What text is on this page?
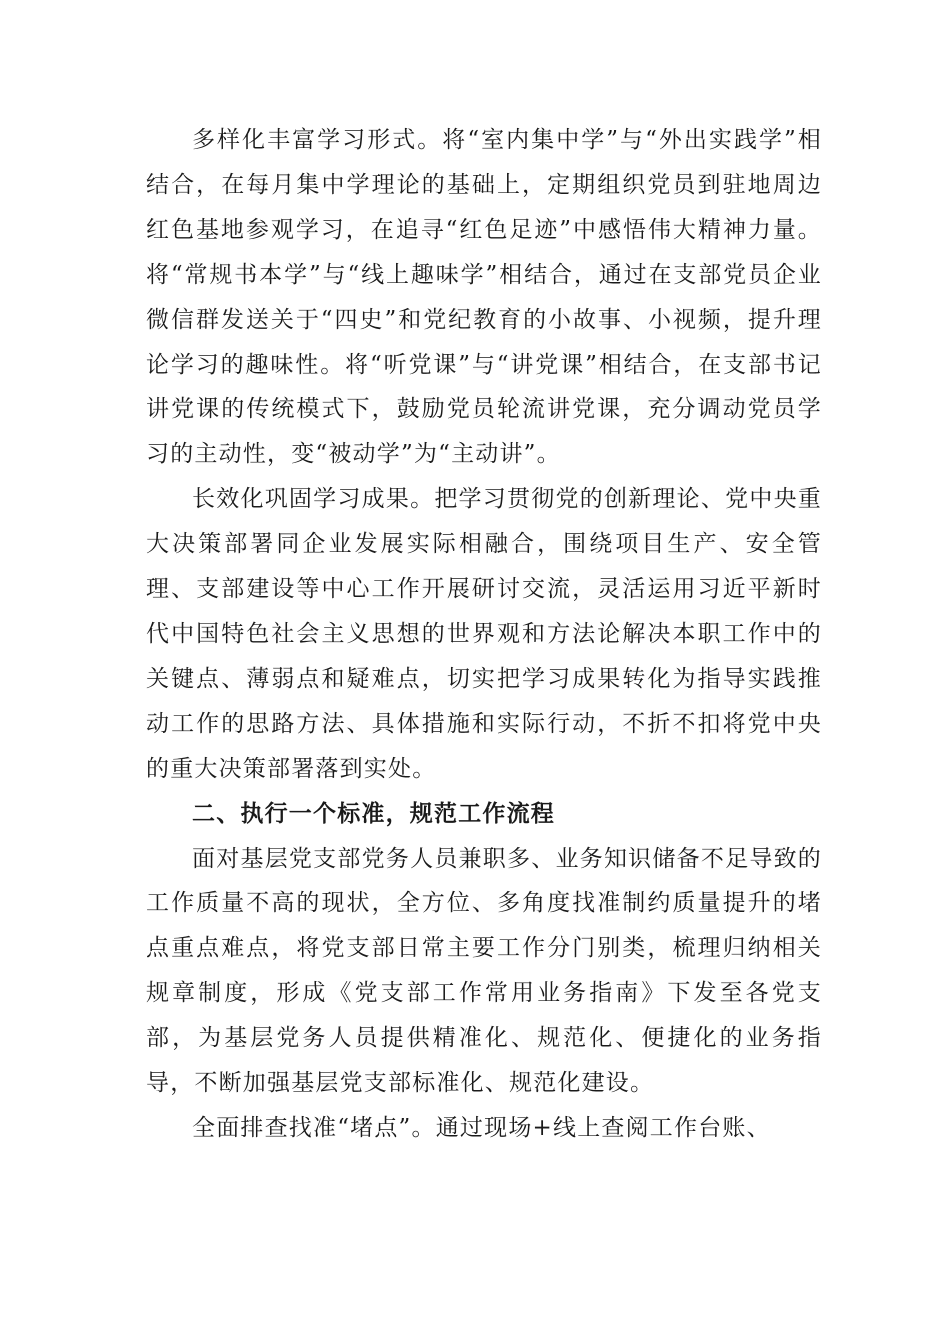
多样化丰富学习形式。将“室内集中学”与“外出实践学”相结合，在每月集中学理论的基础上，定期组织党员到驻地周边红色基地参观学习，在追寻“红色足迹”中感悟伟大精神力量。将“常规书本学”与“线上趣味学”相结合，通过在支部党员企业微信群发送关于“四史”和党纪教育的小故事、小视频，提升理论学习的趣味性。将“听党课”与“讲党课”相结合，在支部书记讲党课的传统模式下，鼓励党员轮流讲党课，充分调动党员学习的主动性，变“被动学”为“主动讲”。

长效化巩固学习成果。把学习贯彻党的创新理论、党中央重大决策部署同企业发展实际相融合，围绕项目生产、安全管理、支部建设等中心工作开展研讨交流，灵活运用习近平新时代中国特色社会主义思想的世界观和方法论解决本职工作中的关键点、薄弱点和疑难点，切实把学习成果转化为指导实践推动工作的思路方法、具体措施和实际行动，不折不扣将党中央的重大决策部署落到实处。

二、执行一个标准，规范工作流程

面对基层党支部党务人员兼职多、业务知识储备不足导致的工作质量不高的现状，全方位、多角度找准制约质量提升的堵点重点难点，将党支部日常主要工作分门别类，梳理归纳相关规章制度，形成《党支部工作常用业务指南》下发至各党支部，为基层党务人员提供精准化、规范化、便捷化的业务指导，不断加强基层党支部标准化、规范化建设。

全面排查找准“堵点”。通过现场+线上查阅工作台账、
